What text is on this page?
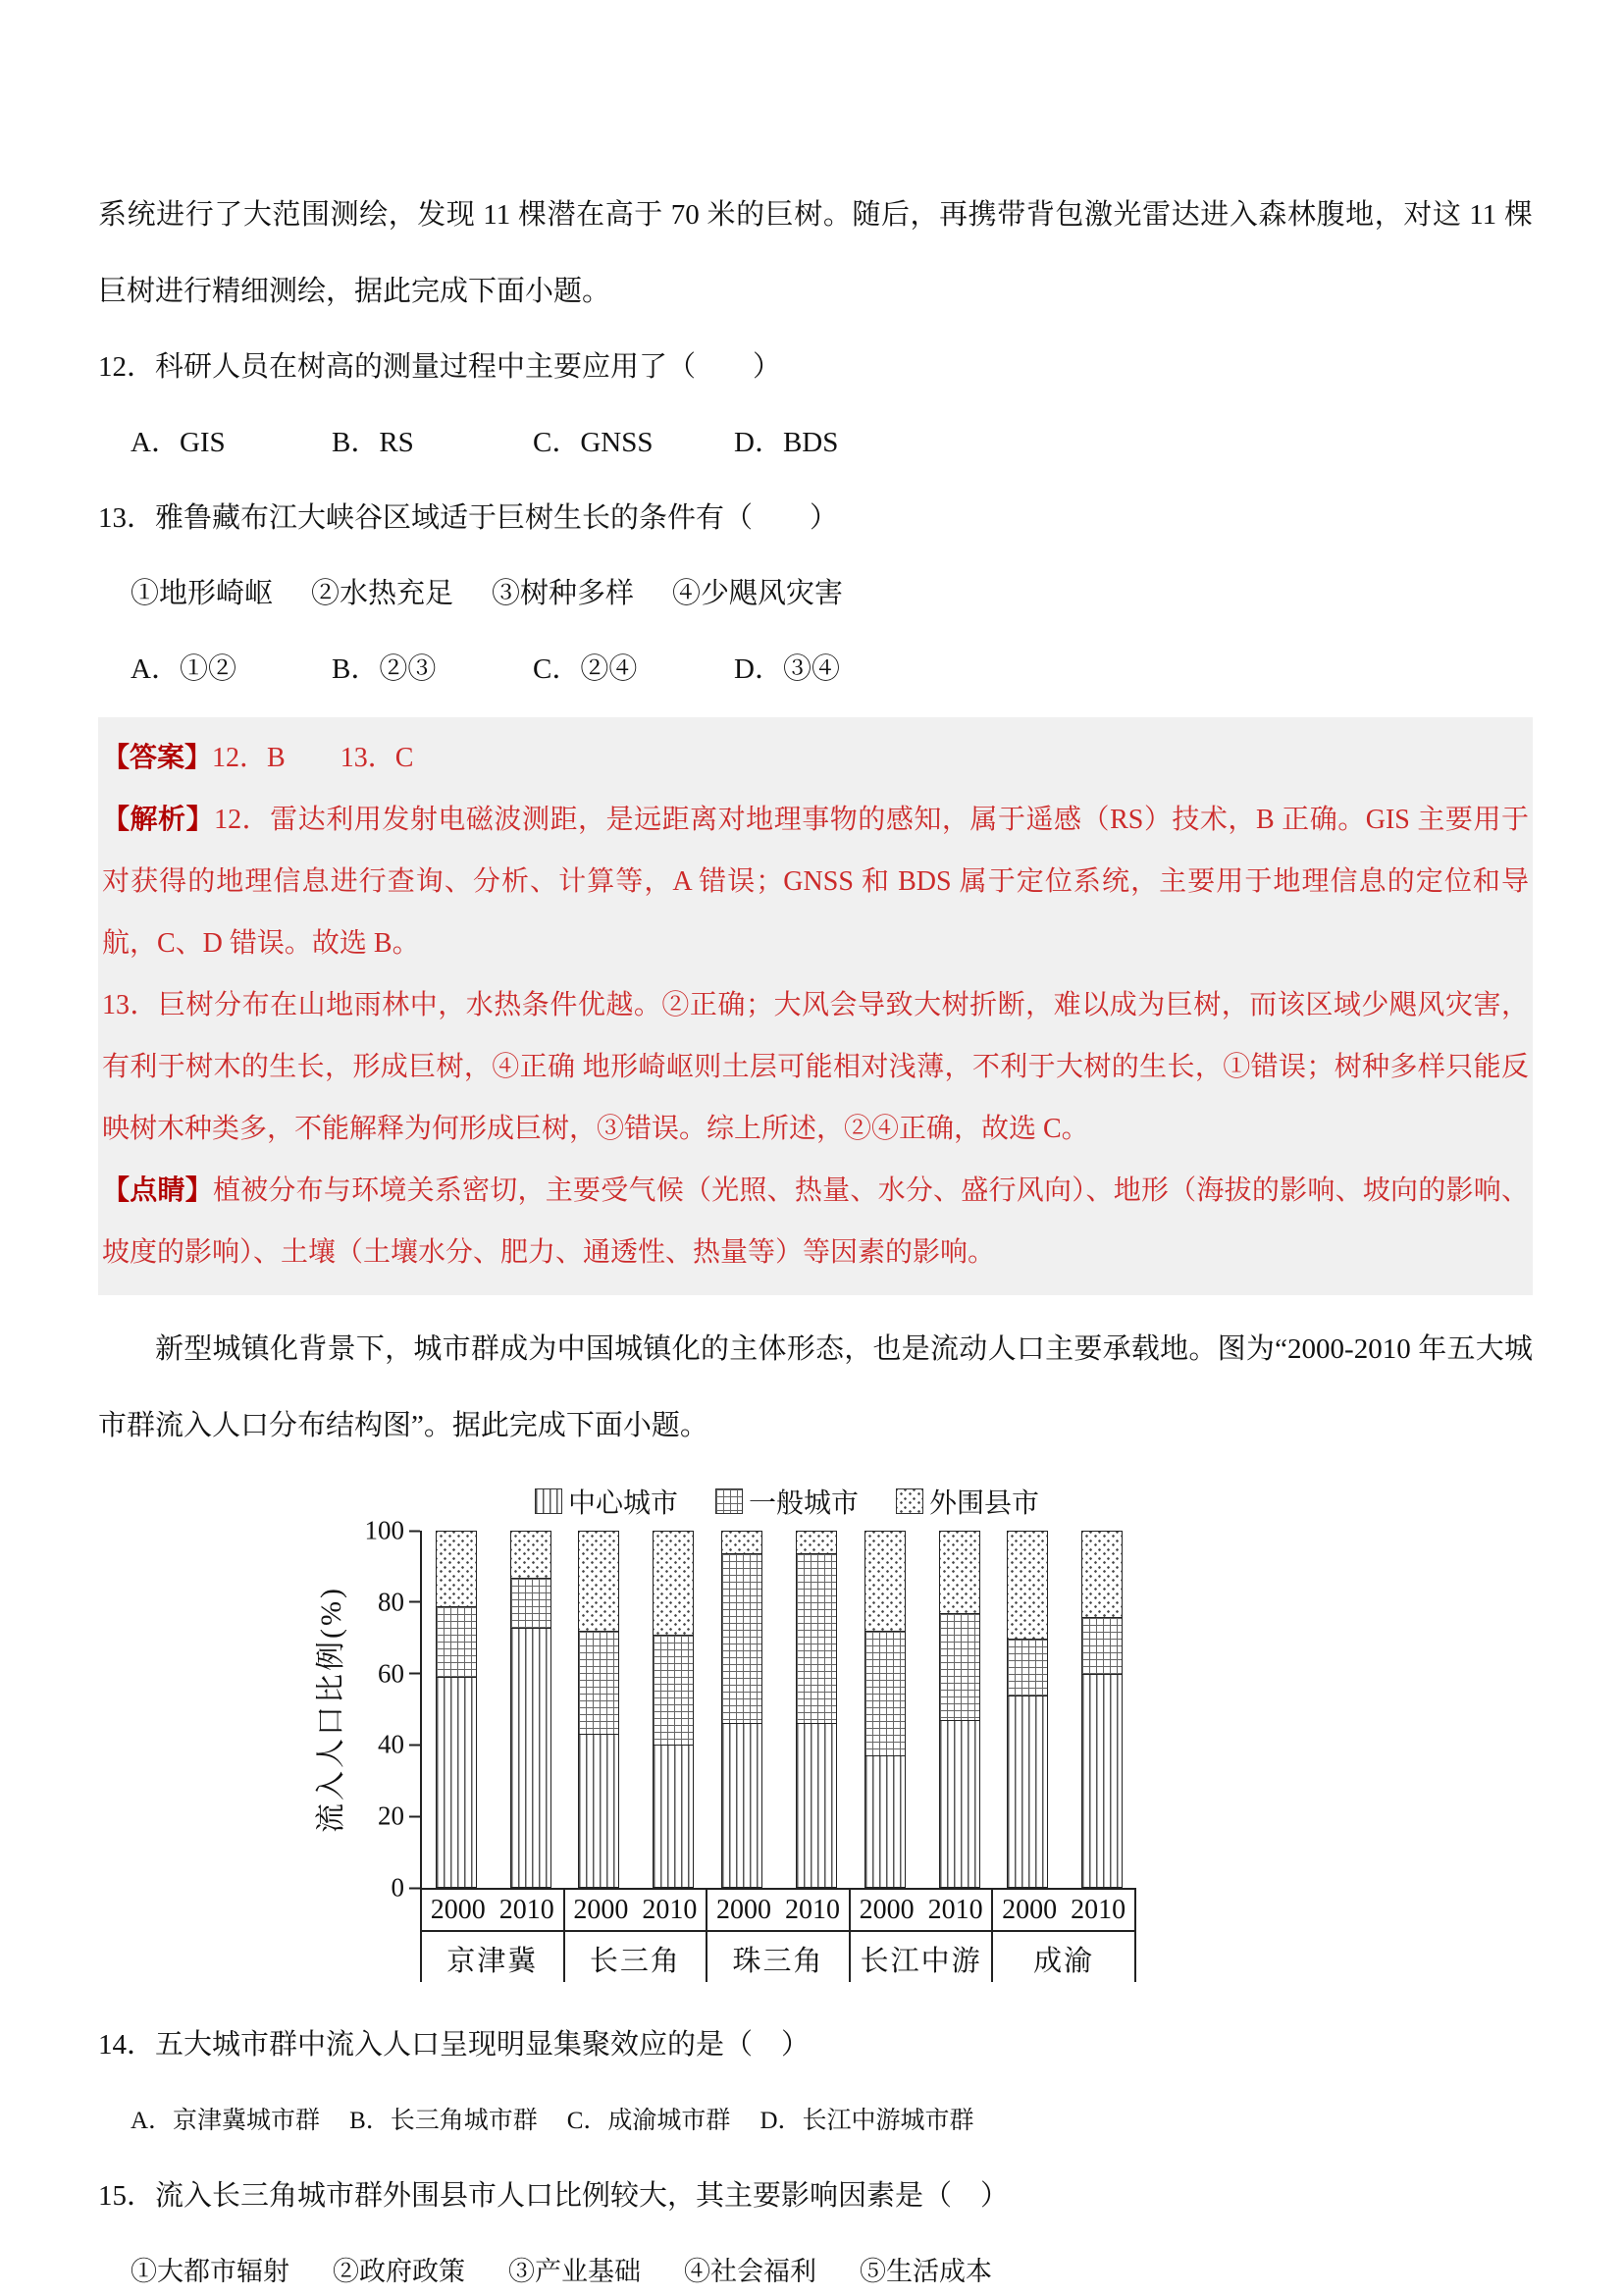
系统进行了大范围测绘，发现 11 棵潜在高于 70 米的巨树。随后，再携带背包激光雷达进入森林腹地，对这 11 棵巨树进行精细测绘，据此完成下面小题。

12．科研人员在树高的测量过程中主要应用了（　　）

A．GIS	B．RS	C．GNSS	D．BDS

13．雅鲁藏布江大峡谷区域适于巨树生长的条件有（　　）

①地形崎岖	②水热充足	③树种多样	④少飓风灾害
A．①②	B．②③	C．②④	D．③④

【答案】12．B　　13．C

【解析】12．雷达利用发射电磁波测距，是远距离对地理事物的感知，属于遥感（RS）技术，B 正确。GIS 主要用于对获得的地理信息进行查询、分析、计算等，A 错误；GNSS 和 BDS 属于定位系统，主要用于地理信息的定位和导航，C、D 错误。故选 B。

13．巨树分布在山地雨林中，水热条件优越。②正确；大风会导致大树折断，难以成为巨树，而该区域少飓风灾害，有利于树木的生长，形成巨树，④正确 地形崎岖则土层可能相对浅薄，不利于大树的生长，①错误；树种多样只能反映树木种类多，不能解释为何形成巨树，③错误。综上所述，②④正确，故选 C。

【点睛】植被分布与环境关系密切，主要受气候（光照、热量、水分、盛行风向）、地形（海拔的影响、坡向的影响、坡度的影响）、土壤（土壤水分、肥力、通透性、热量等）等因素的影响。

新型城镇化背景下，城市群成为中国城镇化的主体形态，也是流动人口主要承载地。图为“2000-2010 年五大城市群流入人口分布结构图”。据此完成下面小题。

中心城市	一般城市	外围县市
流入人口比例(%)
0
20
40
60
80
100
2000 2010
京津冀
2000 2010
长三角
2000 2010
珠三角
2000 2010
长江中游
2000 2010
成渝

14．五大城市群中流入人口呈现明显集聚效应的是（　）

A．京津冀城市群 B．长三角城市群 C．成渝城市群 D．长江中游城市群

15．流入长三角城市群外围县市人口比例较大，其主要影响因素是（　）

①大都市辐射 ②政府政策 ③产业基础 ④社会福利 ⑤生活成本
